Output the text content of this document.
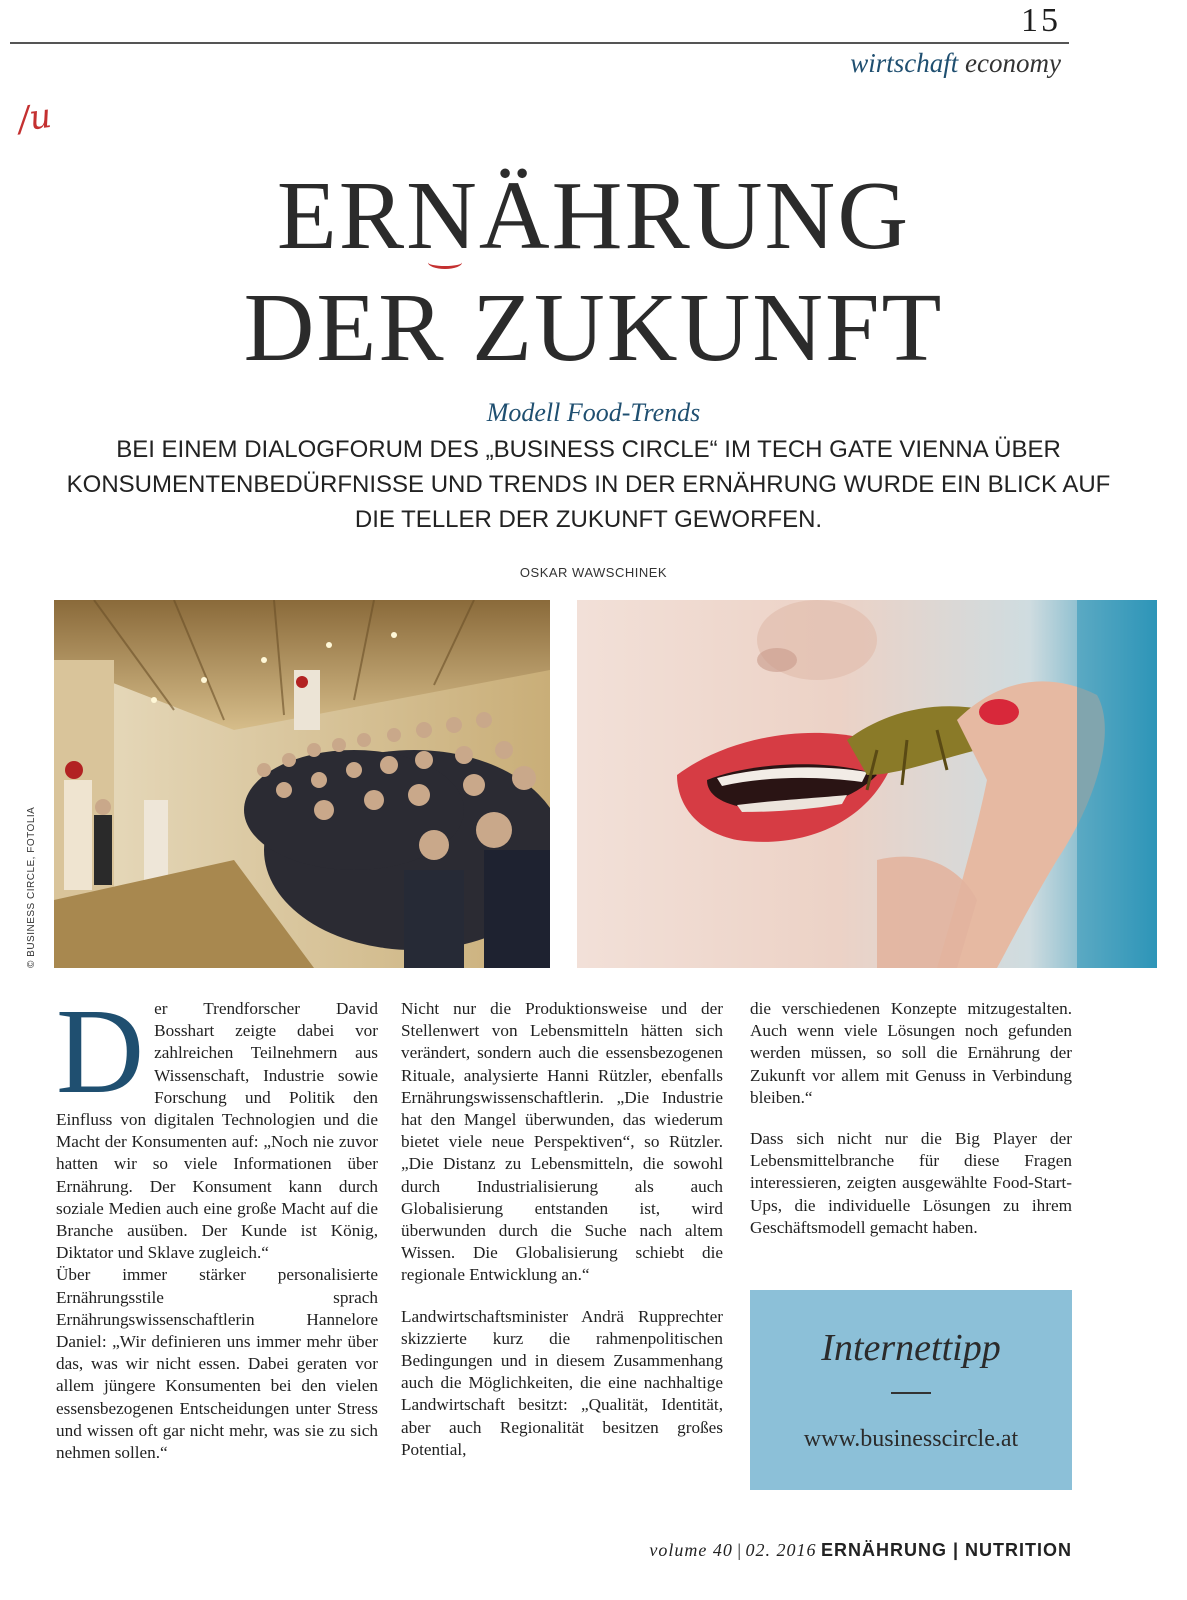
15
wirtschaft economy
/u
ERNÄHRUNG
DER ZUKUNFT
Modell Food-Trends
BEI EINEM DIALOGFORUM DES „BUSINESS CIRCLE“ IM TECH GATE VIENNA ÜBER KONSUMENTENBEDÜRFNISSE UND TRENDS IN DER ERNÄHRUNG WURDE EIN BLICK AUF DIE TELLER DER ZUKUNFT GEWORFEN.
OSKAR WAWSCHINEK
© BUSINESS CIRCLE, FOTOLIA
D er Trendforscher David Bosshart zeigte dabei vor zahlreichen Teilnehmern aus Wissenschaft, Industrie sowie Forschung und Politik den Einfluss von digitalen Technologien und die Macht der Konsumenten auf: „Noch nie zuvor hatten wir so viele Informationen über Ernährung. Der Konsument kann durch soziale Medien auch eine große Macht auf die Branche ausüben. Der Kunde ist König, Diktator und Sklave zugleich.“

Über immer stärker personalisierte Ernährungsstile sprach Ernährungswissenschaftlerin Hannelore Daniel: „Wir definieren uns immer mehr über das, was wir nicht essen. Dabei geraten vor allem jüngere Konsumenten bei den vielen essensbezogenen Entscheidungen unter Stress und wissen oft gar nicht mehr, was sie zu sich nehmen sollen.“

Nicht nur die Produktionsweise und der Stellenwert von Lebensmitteln hätten sich verändert, sondern auch die essensbezogenen Rituale, analysierte Hanni Rützler, ebenfalls Ernährungswissenschaftlerin. „Die Industrie hat den Mangel überwunden, das wiederum bietet viele neue Perspektiven“, so Rützler. „Die Distanz zu Lebensmitteln, die sowohl durch Industrialisierung als auch Globalisierung entstanden ist, wird überwunden durch die Suche nach altem Wissen. Die Globalisierung schiebt die regionale Entwicklung an.“

Landwirtschaftsminister Andrä Rupprechter skizzierte kurz die rahmenpolitischen Bedingungen und in diesem Zusammenhang auch die Möglichkeiten, die eine nachhaltige Landwirtschaft besitzt: „Qualität, Identität, aber auch Regionalität besitzen großes Potential,

die verschiedenen Konzepte mitzugestalten. Auch wenn viele Lösungen noch gefunden werden müssen, so soll die Ernährung der Zukunft vor allem mit Genuss in Verbindung bleiben.“

Dass sich nicht nur die Big Player der Lebensmittelbranche für diese Fragen interessieren, zeigten ausgewählte Food-Start-Ups, die individuelle Lösungen zu ihrem Geschäftsmodell gemacht haben.

Internettipp
www.businesscircle.at
volume 40 | 02. 2016 ERNÄHRUNG | NUTRITION
